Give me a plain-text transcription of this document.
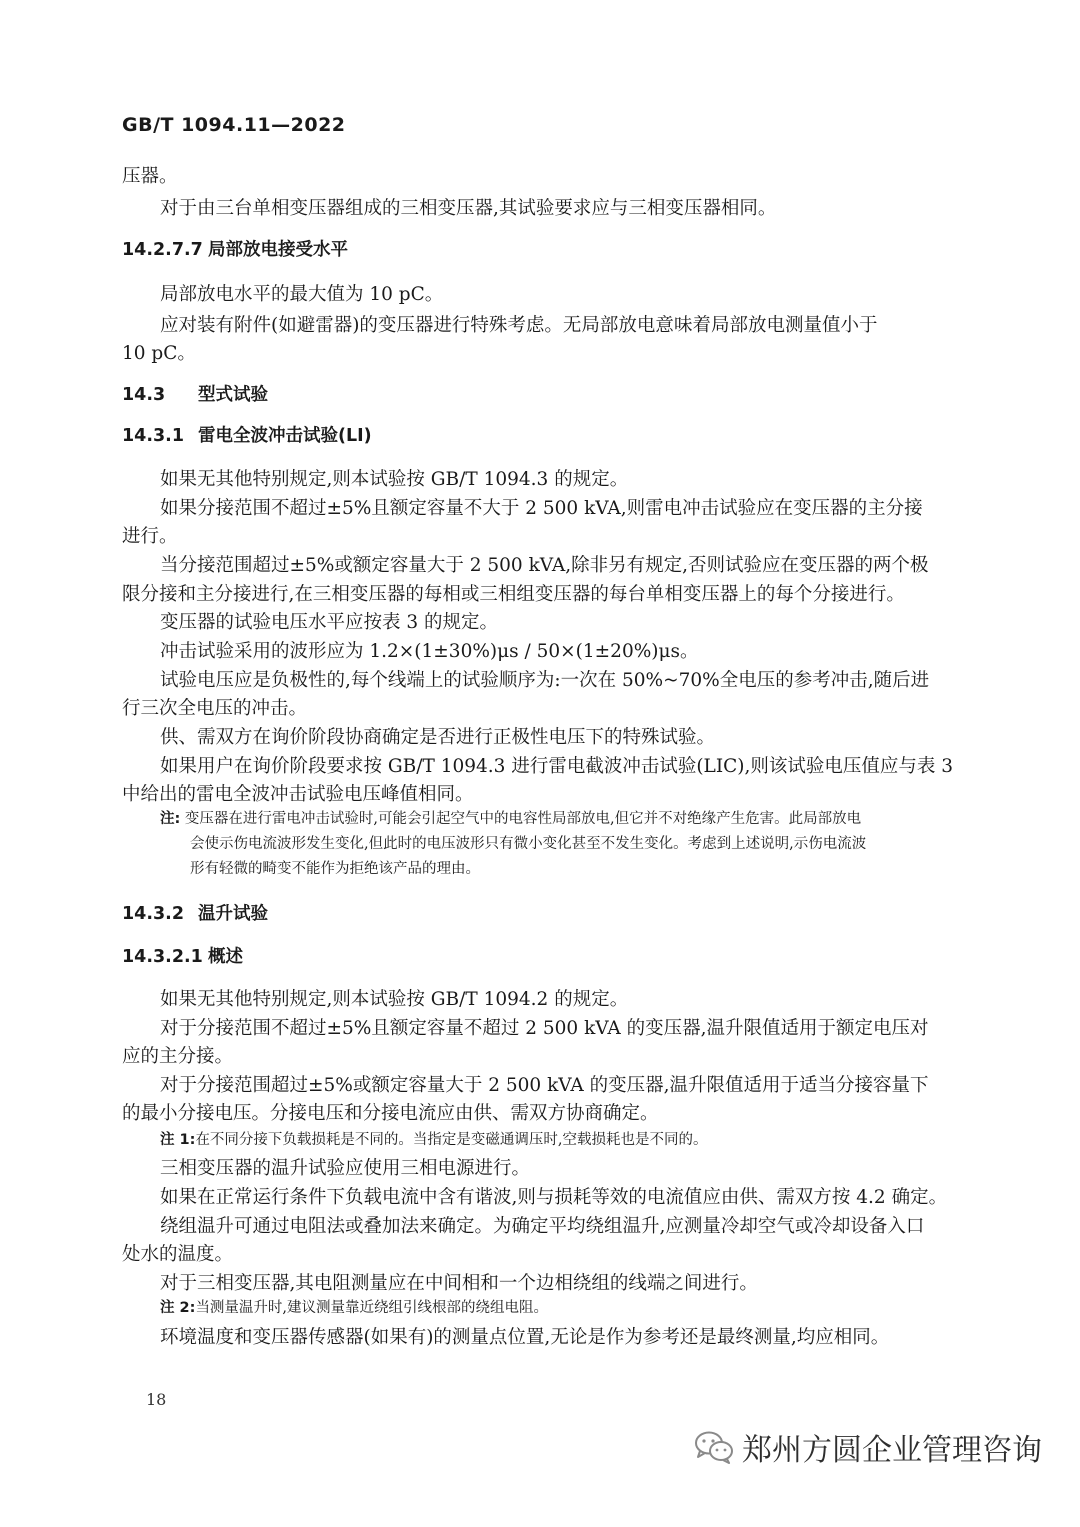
GB/T 1094.11—2022
压器。
对于由三台单相变压器组成的三相变压器,其试验要求应与三相变压器相同。
14.2.7.7 局部放电接受水平
局部放电水平的最大值为 10 pC。
应对装有附件(如避雷器)的变压器进行特殊考虑。无局部放电意味着局部放电测量值小于
10 pC。
14.3 型式试验
14.3.1 雷电全波冲击试验(LI)
如果无其他特别规定,则本试验按 GB/T 1094.3 的规定。
如果分接范围不超过±5%且额定容量不大于 2 500 kVA,则雷电冲击试验应在变压器的主分接
进行。
当分接范围超过±5%或额定容量大于 2 500 kVA,除非另有规定,否则试验应在变压器的两个极
限分接和主分接进行,在三相变压器的每相或三相组变压器的每台单相变压器上的每个分接进行。
变压器的试验电压水平应按表 3 的规定。
冲击试验采用的波形应为 1.2×(1±30%)μs / 50×(1±20%)μs。
试验电压应是负极性的,每个线端上的试验顺序为:一次在 50%~70%全电压的参考冲击,随后进
行三次全电压的冲击。
供、需双方在询价阶段协商确定是否进行正极性电压下的特殊试验。
如果用户在询价阶段要求按 GB/T 1094.3 进行雷电截波冲击试验(LIC),则该试验电压值应与表 3
中给出的雷电全波冲击试验电压峰值相同。
注: 变压器在进行雷电冲击试验时,可能会引起空气中的电容性局部放电,但它并不对绝缘产生危害。此局部放电
会使示伤电流波形发生变化,但此时的电压波形只有微小变化甚至不发生变化。考虑到上述说明,示伤电流波
形有轻微的畸变不能作为拒绝该产品的理由。
14.3.2 温升试验
14.3.2.1 概述
如果无其他特别规定,则本试验按 GB/T 1094.2 的规定。
对于分接范围不超过±5%且额定容量不超过 2 500 kVA 的变压器,温升限值适用于额定电压对
应的主分接。
对于分接范围超过±5%或额定容量大于 2 500 kVA 的变压器,温升限值适用于适当分接容量下
的最小分接电压。分接电压和分接电流应由供、需双方协商确定。
注 1:在不同分接下负载损耗是不同的。当指定是变磁通调压时,空载损耗也是不同的。
三相变压器的温升试验应使用三相电源进行。
如果在正常运行条件下负载电流中含有谐波,则与损耗等效的电流值应由供、需双方按 4.2 确定。
绕组温升可通过电阻法或叠加法来确定。为确定平均绕组温升,应测量冷却空气或冷却设备入口
处水的温度。
对于三相变压器,其电阻测量应在中间相和一个边相绕组的线端之间进行。
注 2:当测量温升时,建议测量靠近绕组引线根部的绕组电阻。
环境温度和变压器传感器(如果有)的测量点位置,无论是作为参考还是最终测量,均应相同。
18
郑州方圆企业管理咨询
